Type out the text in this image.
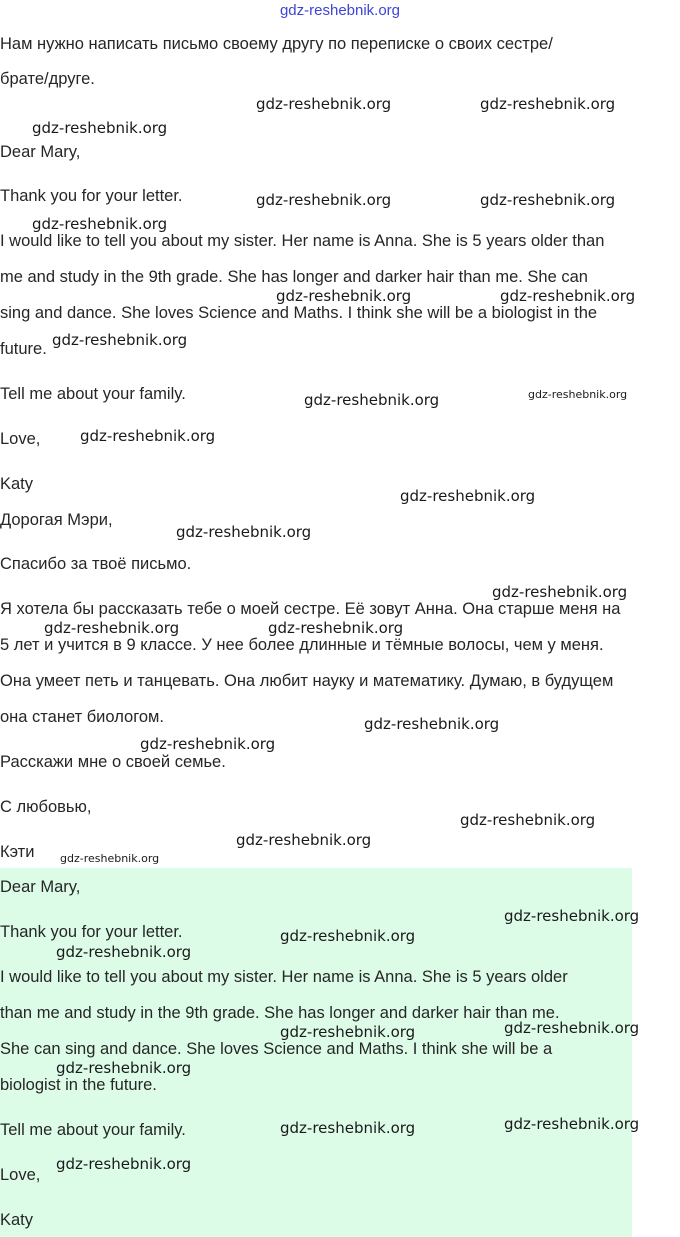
gdz-reshebnik.org
Нам нужно написать письмо своему другу по переписке о своих сестре/
брате/друге.
Dear Mary,
Thank you for your letter.
I would like to tell you about my sister. Her name is Anna. She is 5 years older than
me and study in the 9th grade. She has longer and darker hair than me. She can
sing and dance. She loves Science and Maths. I think she will be a biologist in the
future.
Tell me about your family.
Love,
Katy
Дорогая Мэри,
Спасибо за твоё письмо.
Я хотела бы рассказать тебе о моей сестре. Её зовут Анна. Она старше меня на
5 лет и учится в 9 классе. У нее более длинные и тёмные волосы, чем у меня.
Она умеет петь и танцевать. Она любит науку и математику. Думаю, в будущем
она станет биологом.
Расскажи мне о своей семье.
С любовью,
Кэти
Dear Mary,
Thank you for your letter.
I would like to tell you about my sister. Her name is Anna. She is 5 years older
than me and study in the 9th grade. She has longer and darker hair than me.
She can sing and dance. She loves Science and Maths. I think she will be a
biologist in the future.
Tell me about your family.
Love,
Katy
gdz-reshebnik.org	gdz-reshebnik.org
gdz-reshebnik.org
gdz-reshebnik.org	gdz-reshebnik.org
gdz-reshebnik.org
gdz-reshebnik.org	gdz-reshebnik.org
gdz-reshebnik.org
gdz-reshebnik.org	gdz-reshebnik.org
gdz-reshebnik.org
gdz-reshebnik.org
gdz-reshebnik.org
gdz-reshebnik.org
gdz-reshebnik.org	gdz-reshebnik.org
gdz-reshebnik.org
gdz-reshebnik.org
gdz-reshebnik.org
gdz-reshebnik.org
gdz-reshebnik.org
gdz-reshebnik.org
gdz-reshebnik.org
gdz-reshebnik.org
gdz-reshebnik.org
gdz-reshebnik.org
gdz-reshebnik.org
gdz-reshebnik.org
gdz-reshebnik.org
gdz-reshebnik.org
